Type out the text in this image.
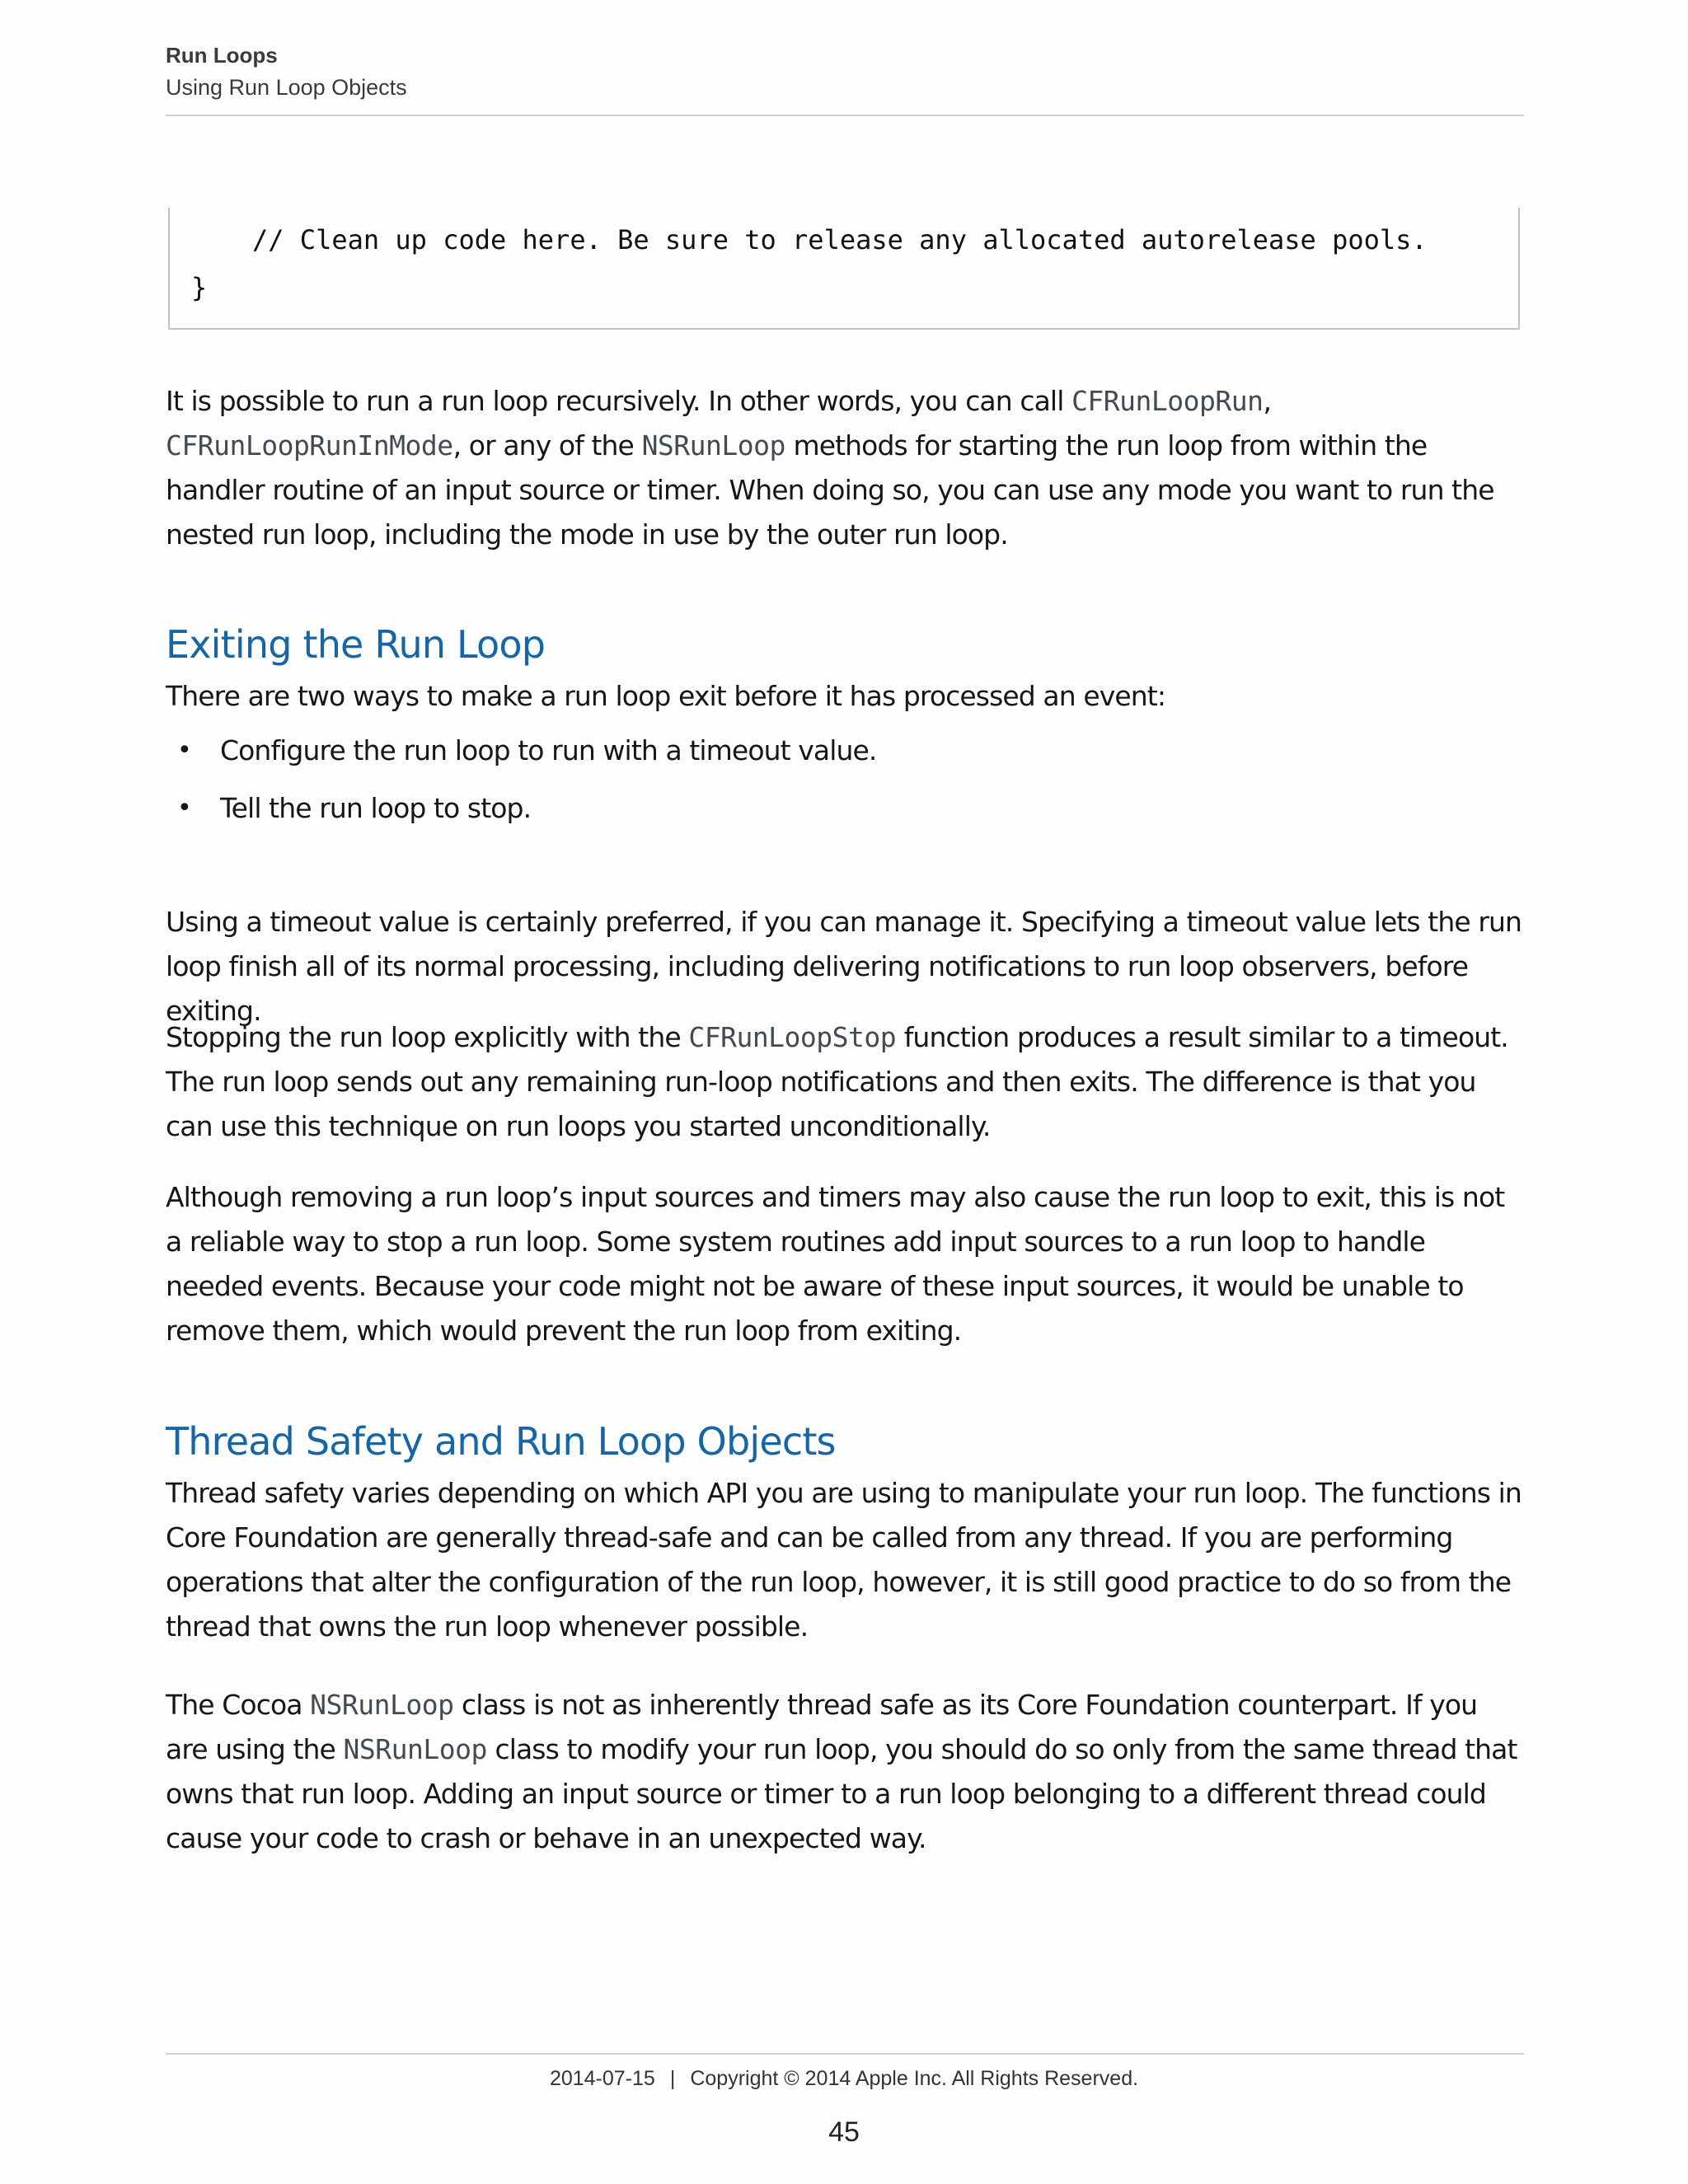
Run Loops
Using Run Loop Objects
// Clean up code here. Be sure to release any allocated autorelease pools.
}

It is possible to run a run loop recursively. In other words, you can call CFRunLoopRun, CFRunLoopRunInMode, or any of the NSRunLoop methods for starting the run loop from within the handler routine of an input source or timer. When doing so, you can use any mode you want to run the nested run loop, including the mode in use by the outer run loop.

Exiting the Run Loop

There are two ways to make a run loop exit before it has processed an event:

• Configure the run loop to run with a timeout value.
• Tell the run loop to stop.

Using a timeout value is certainly preferred, if you can manage it. Specifying a timeout value lets the run loop finish all of its normal processing, including delivering notifications to run loop observers, before exiting.

Stopping the run loop explicitly with the CFRunLoopStop function produces a result similar to a timeout. The run loop sends out any remaining run-loop notifications and then exits. The difference is that you can use this technique on run loops you started unconditionally.

Although removing a run loop’s input sources and timers may also cause the run loop to exit, this is not a reliable way to stop a run loop. Some system routines add input sources to a run loop to handle needed events. Because your code might not be aware of these input sources, it would be unable to remove them, which would prevent the run loop from exiting.

Thread Safety and Run Loop Objects

Thread safety varies depending on which API you are using to manipulate your run loop. The functions in Core Foundation are generally thread-safe and can be called from any thread. If you are performing operations that alter the configuration of the run loop, however, it is still good practice to do so from the thread that owns the run loop whenever possible.

The Cocoa NSRunLoop class is not as inherently thread safe as its Core Foundation counterpart. If you are using the NSRunLoop class to modify your run loop, you should do so only from the same thread that owns that run loop. Adding an input source or timer to a run loop belonging to a different thread could cause your code to crash or behave in an unexpected way.

2014-07-15 | Copyright © 2014 Apple Inc. All Rights Reserved.
45
